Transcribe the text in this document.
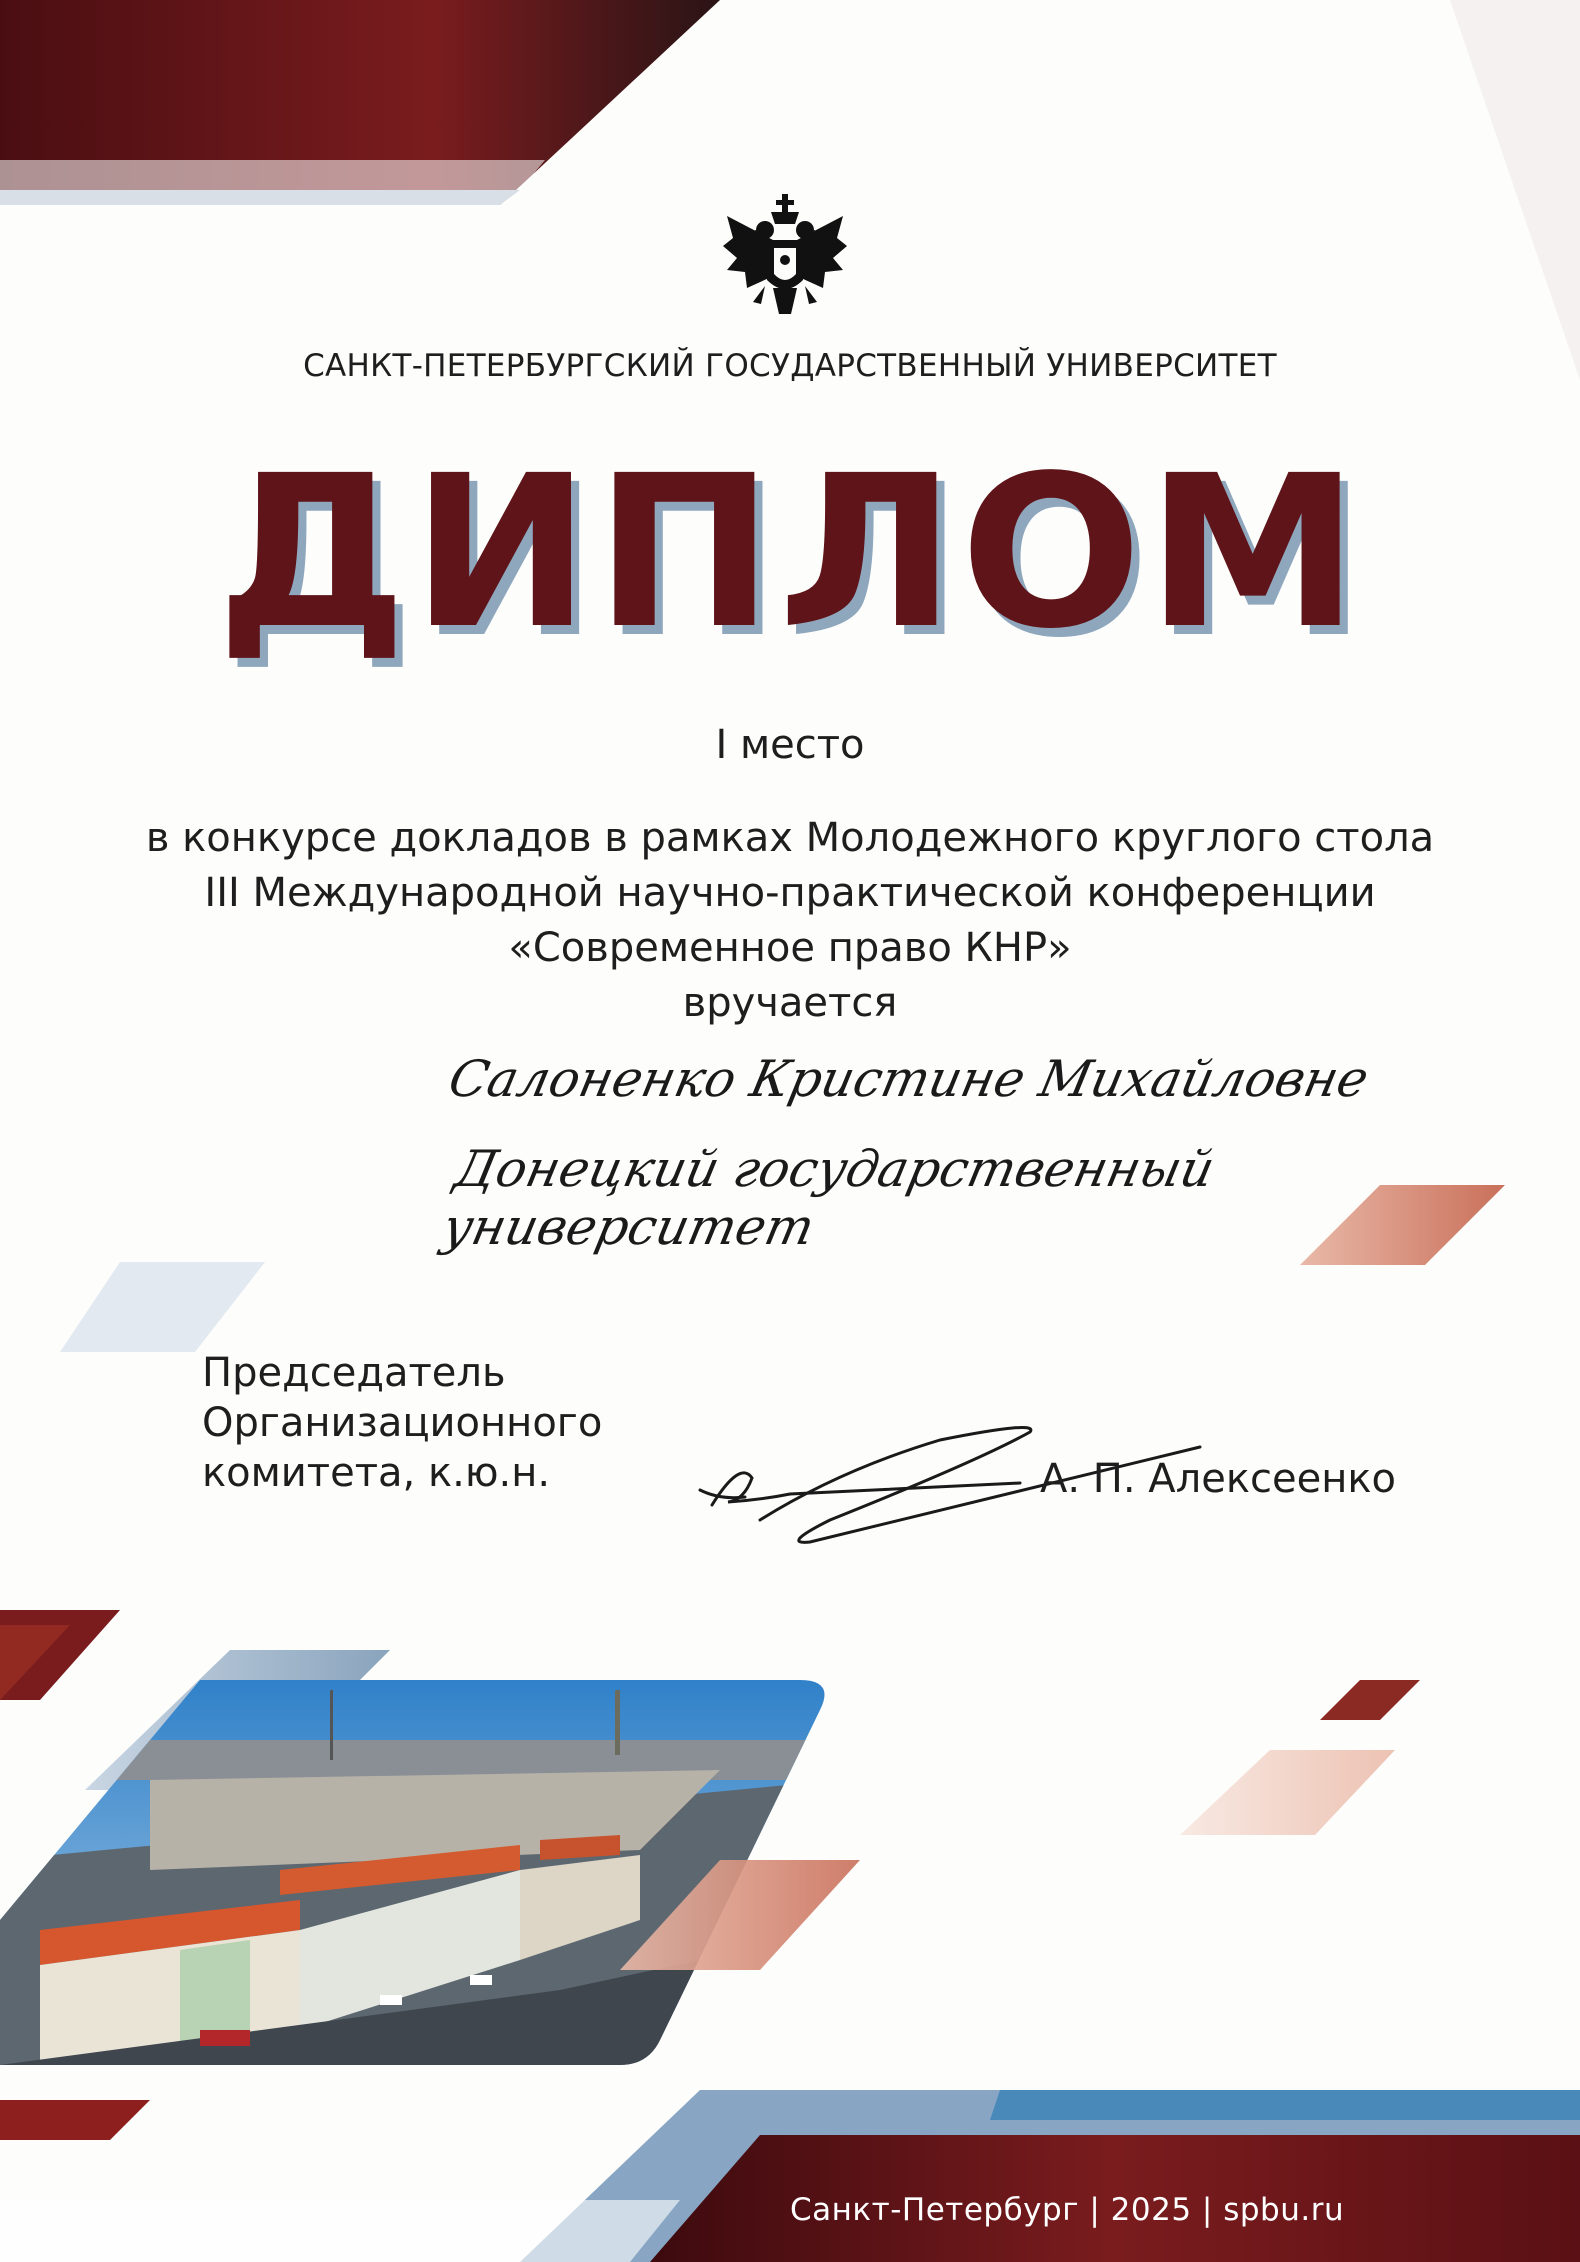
САНКТ-ПЕТЕРБУРГСКИЙ ГОСУДАРСТВЕННЫЙ УНИВЕРСИТЕТ
ДИПЛОМ
I место
в конкурсе докладов в рамках Молодежного круглого стола
III Международной научно-практической конференции
«Современное право КНР»
вручается
Салоненко Кристине Михайловне
Донецкий государственный университет
Председатель
Организационного
комитета, к.ю.н.	А. П. Алексеенко
Санкт-Петербург | 2025 | spbu.ru
